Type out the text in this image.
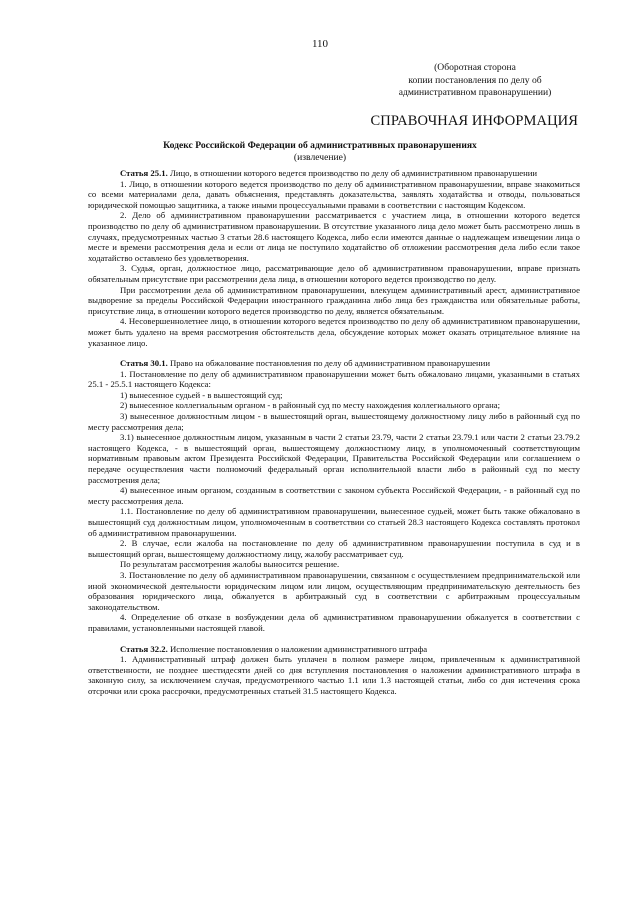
110
(Оборотная сторона
копии постановления по делу об
административном правонарушении)
СПРАВОЧНАЯ ИНФОРМАЦИЯ
Кодекс Российской Федерации об административных правонарушениях
(извлечение)

Статья 25.1. Лицо, в отношении которого ведется производство по делу об административном правонарушении

1. Лицо, в отношении которого ведется производство по делу об административном правонарушении, вправе знакомиться со всеми материалами дела, давать объяснения, представлять доказательства, заявлять ходатайства и отводы, пользоваться юридической помощью защитника, а также иными процессуальными правами в соответствии с настоящим Кодексом.

2. Дело об административном правонарушении рассматривается с участием лица, в отношении которого ведется производство по делу об административном правонарушении. В отсутствие указанного лица дело может быть рассмотрено лишь в случаях, предусмотренных частью 3 статьи 28.6 настоящего Кодекса, либо если имеются данные о надлежащем извещении лица о месте и времени рассмотрения дела и если от лица не поступило ходатайство об отложении рассмотрения дела либо если такое ходатайство оставлено без удовлетворения.

3. Судья, орган, должностное лицо, рассматривающие дело об административном правонарушении, вправе признать обязательным присутствие при рассмотрении дела лица, в отношении которого ведется производство по делу.

При рассмотрении дела об административном правонарушении, влекущем административный арест, административное выдворение за пределы Российской Федерации иностранного гражданина либо лица без гражданства или обязательные работы, присутствие лица, в отношении которого ведется производство по делу, является обязательным.

4. Несовершеннолетнее лицо, в отношении которого ведется производство по делу об административном правонарушении, может быть удалено на время рассмотрения обстоятельств дела, обсуждение которых может оказать отрицательное влияние на указанное лицо.

Статья 30.1. Право на обжалование постановления по делу об административном правонарушении

1. Постановление по делу об административном правонарушении может быть обжаловано лицами, указанными в статьях 25.1 - 25.5.1 настоящего Кодекса:

1) вынесенное судьей - в вышестоящий суд;

2) вынесенное коллегиальным органом - в районный суд по месту нахождения коллегиального органа;

3) вынесенное должностным лицом - в вышестоящий орган, вышестоящему должностному лицу либо в районный суд по месту рассмотрения дела;

3.1) вынесенное должностным лицом, указанным в части 2 статьи 23.79, части 2 статьи 23.79.1 или части 2 статьи 23.79.2 настоящего Кодекса, - в вышестоящий орган, вышестоящему должностному лицу, в уполномоченный соответствующим нормативным правовым актом Президента Российской Федерации, Правительства Российской Федерации или соглашением о передаче осуществления части полномочий федеральный орган исполнительной власти либо в районный суд по месту рассмотрения дела;

4) вынесенное иным органом, созданным в соответствии с законом субъекта Российской Федерации, - в районный суд по месту рассмотрения дела.

1.1. Постановление по делу об административном правонарушении, вынесенное судьей, может быть также обжаловано в вышестоящий суд должностным лицом, уполномоченным в соответствии со статьей 28.3 настоящего Кодекса составлять протокол об административном правонарушении.

2. В случае, если жалоба на постановление по делу об административном правонарушении поступила в суд и в вышестоящий орган, вышестоящему должностному лицу, жалобу рассматривает суд.

По результатам рассмотрения жалобы выносится решение.

3. Постановление по делу об административном правонарушении, связанном с осуществлением предпринимательской или иной экономической деятельности юридическим лицом или лицом, осуществляющим предпринимательскую деятельность без образования юридического лица, обжалуется в арбитражный суд в соответствии с арбитражным процессуальным законодательством.

4. Определение об отказе в возбуждении дела об административном правонарушении обжалуется в соответствии с правилами, установленными настоящей главой.

Статья 32.2. Исполнение постановления о наложении административного штрафа

1. Административный штраф должен быть уплачен в полном размере лицом, привлеченным к административной ответственности, не позднее шестидесяти дней со дня вступления постановления о наложении административного штрафа в законную силу, за исключением случая, предусмотренного частью 1.1 или 1.3 настоящей статьи, либо со дня истечения срока отсрочки или срока рассрочки, предусмотренных статьей 31.5 настоящего Кодекса.
